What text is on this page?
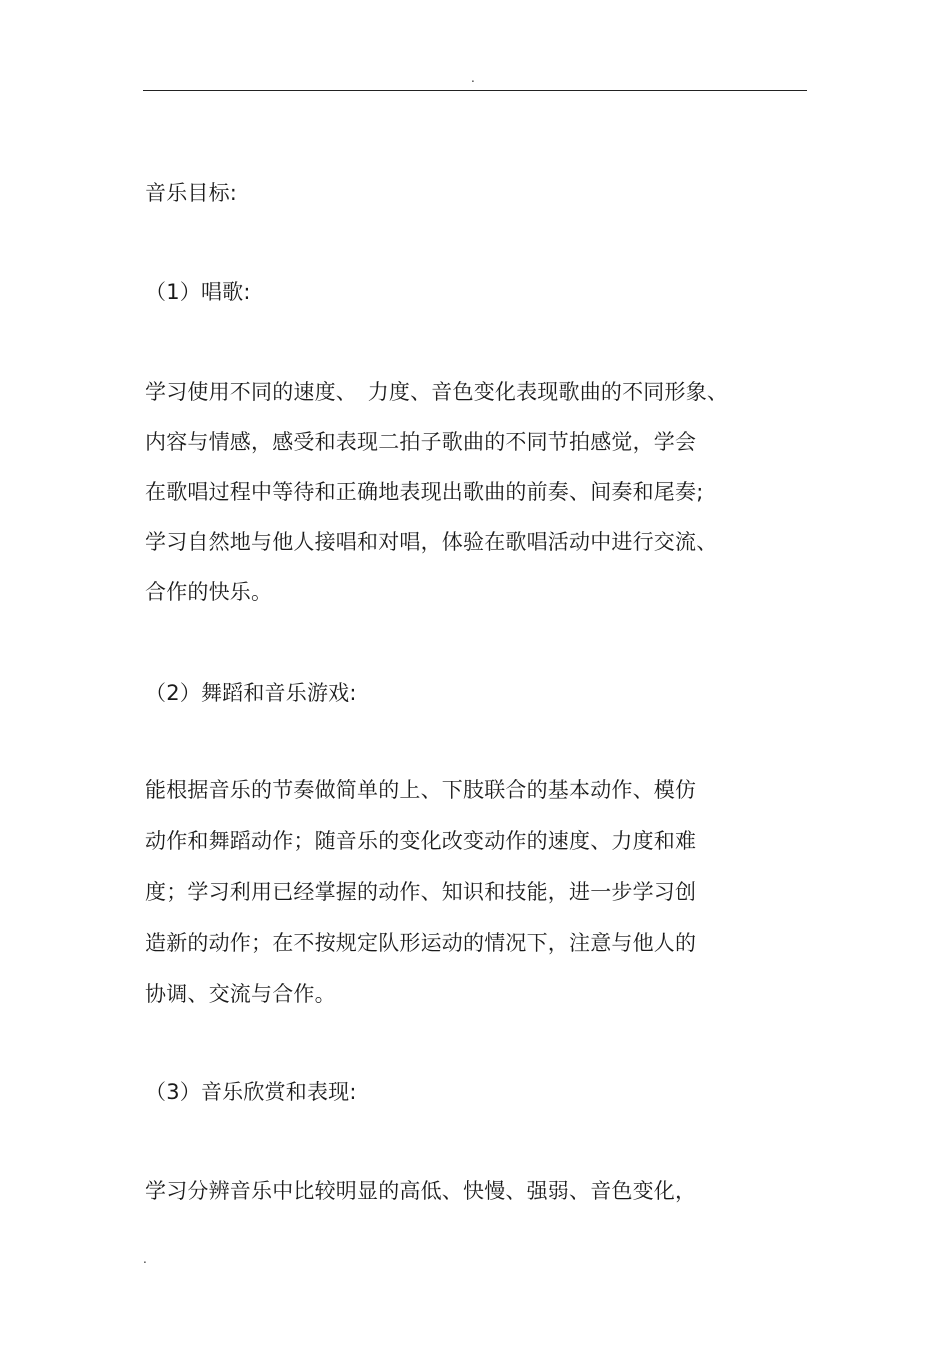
.
音乐目标:
（1）唱歌:
学习使用不同的速度、　力度、音色变化表现歌曲的不同形象、
内容与情感，感受和表现二拍子歌曲的不同节拍感觉，学会
在歌唱过程中等待和正确地表现出歌曲的前奏、间奏和尾奏;
学习自然地与他人接唱和对唱，体验在歌唱活动中进行交流、
合作的快乐。
（2）舞蹈和音乐游戏:
能根据音乐的节奏做简单的上、下肢联合的基本动作、模仿
动作和舞蹈动作；随音乐的变化改变动作的速度、力度和难
度；学习利用已经掌握的动作、知识和技能，进一步学习创
造新的动作；在不按规定队形运动的情况下，注意与他人的
协调、交流与合作。
（3）音乐欣赏和表现:
学习分辨音乐中比较明显的高低、快慢、强弱、音色变化，
.
